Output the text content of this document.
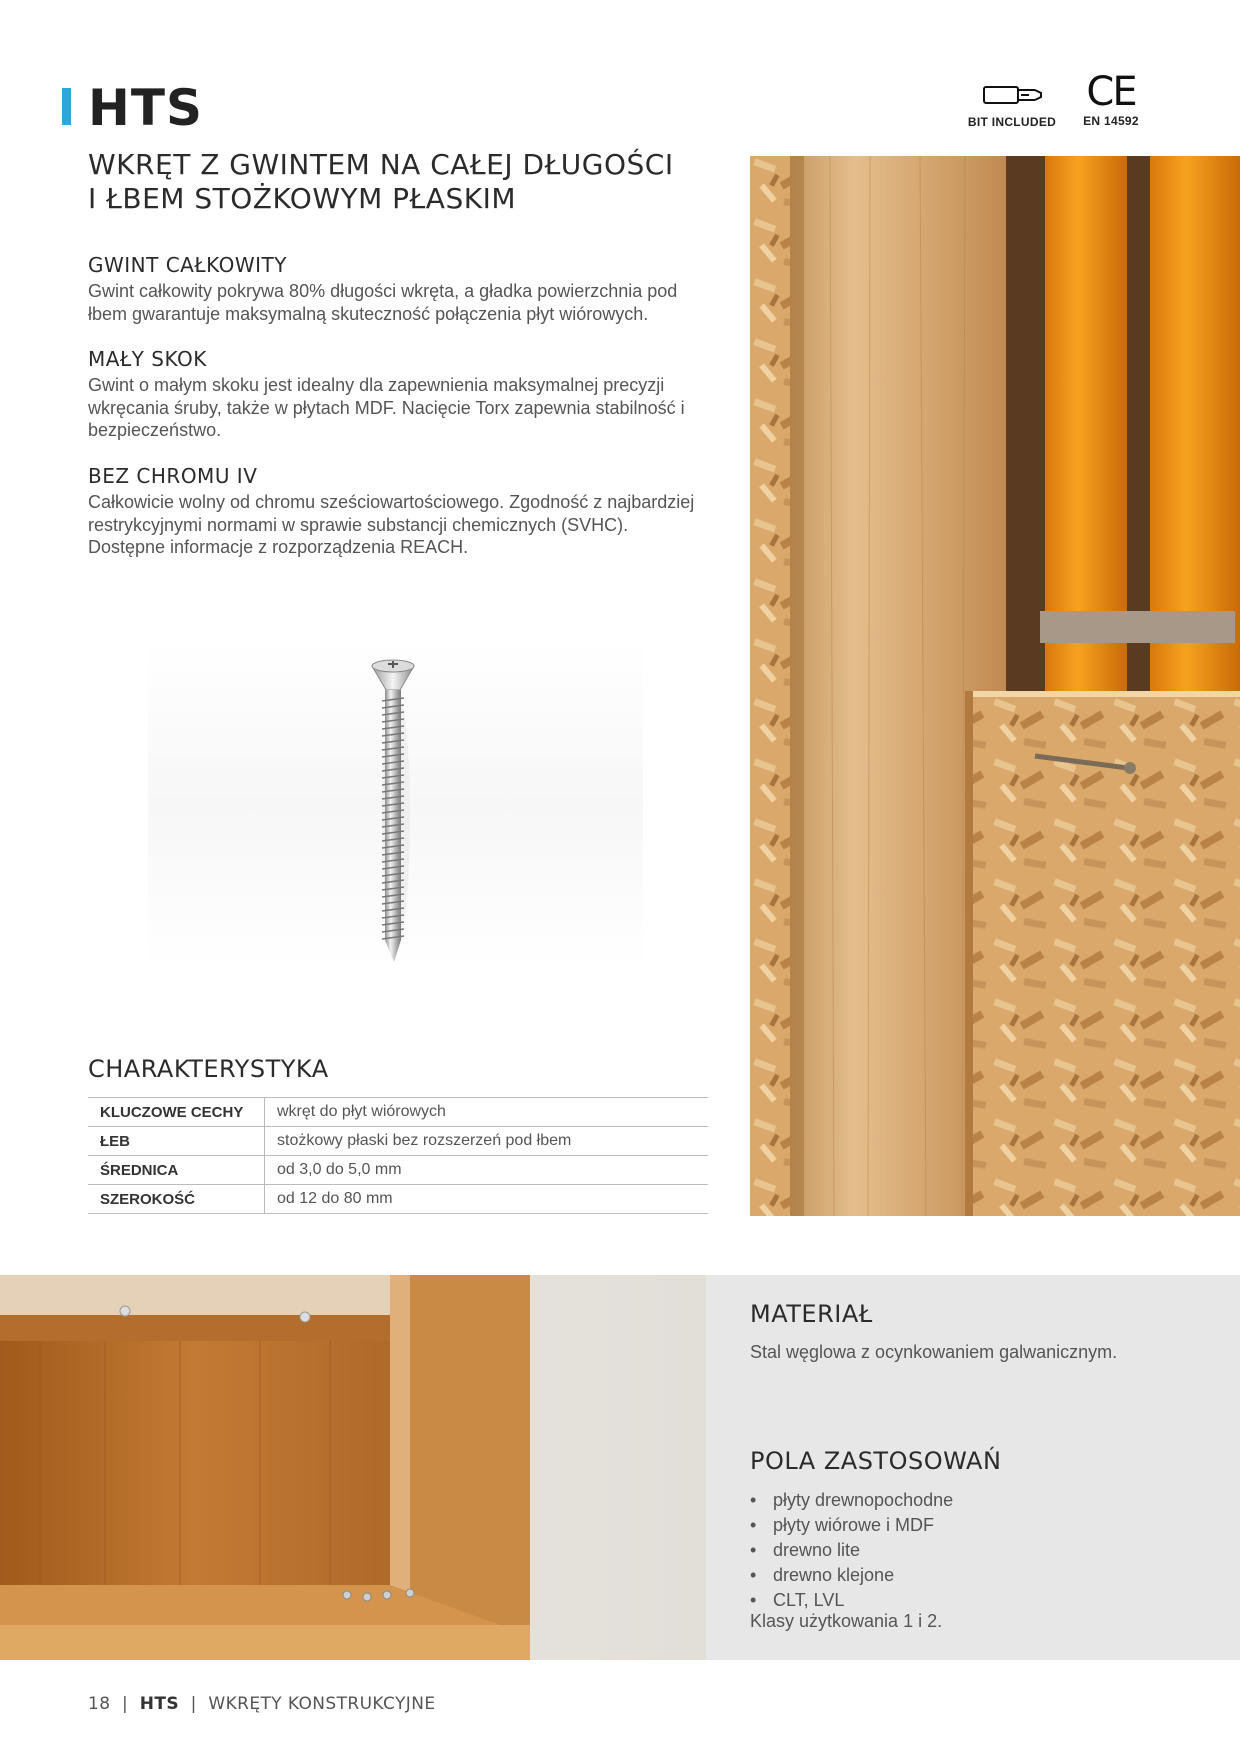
HTS
WKRĘT Z GWINTEM NA CAŁEJ DŁUGOŚCI I ŁBEM STOŻKOWYM PŁASKIM
BIT INCLUDED
CE
EN 14592
GWINT CAŁKOWITY

Gwint całkowity pokrywa 80% długości wkręta, a gładka powierzchnia pod łbem gwarantuje maksymalną skuteczność połączenia płyt wiórowych.

MAŁY SKOK

Gwint o małym skoku jest idealny dla zapewnienia maksymalnej precyzji wkręcania śruby, także w płytach MDF. Nacięcie Torx zapewnia stabilność i bezpieczeństwo.

BEZ CHROMU IV

Całkowicie wolny od chromu sześciowartościowego. Zgodność z najbardziej restrykcyjnymi normami w sprawie substancji chemicznych (SVHC). Dostępne informacje z rozporządzenia REACH.

CHARAKTERYSTYKA
KLUCZOWE CECHY	wkręt do płyt wiórowych
ŁEB	stożkowy płaski bez rozszerzeń pod łbem
ŚREDNICA	od 3,0 do 5,0 mm
SZEROKOŚĆ	od 12 do 80 mm
MATERIAŁ
Stal węglowa z ocynkowaniem galwanicznym.
POLA ZASTOSOWAŃ
• płyty drewnopochodne
• płyty wiórowe i MDF
• drewno lite
• drewno klejone
• CLT, LVL
Klasy użytkowania 1 i 2.
18  |  HTS  |  WKRĘTY KONSTRUKCYJNE
